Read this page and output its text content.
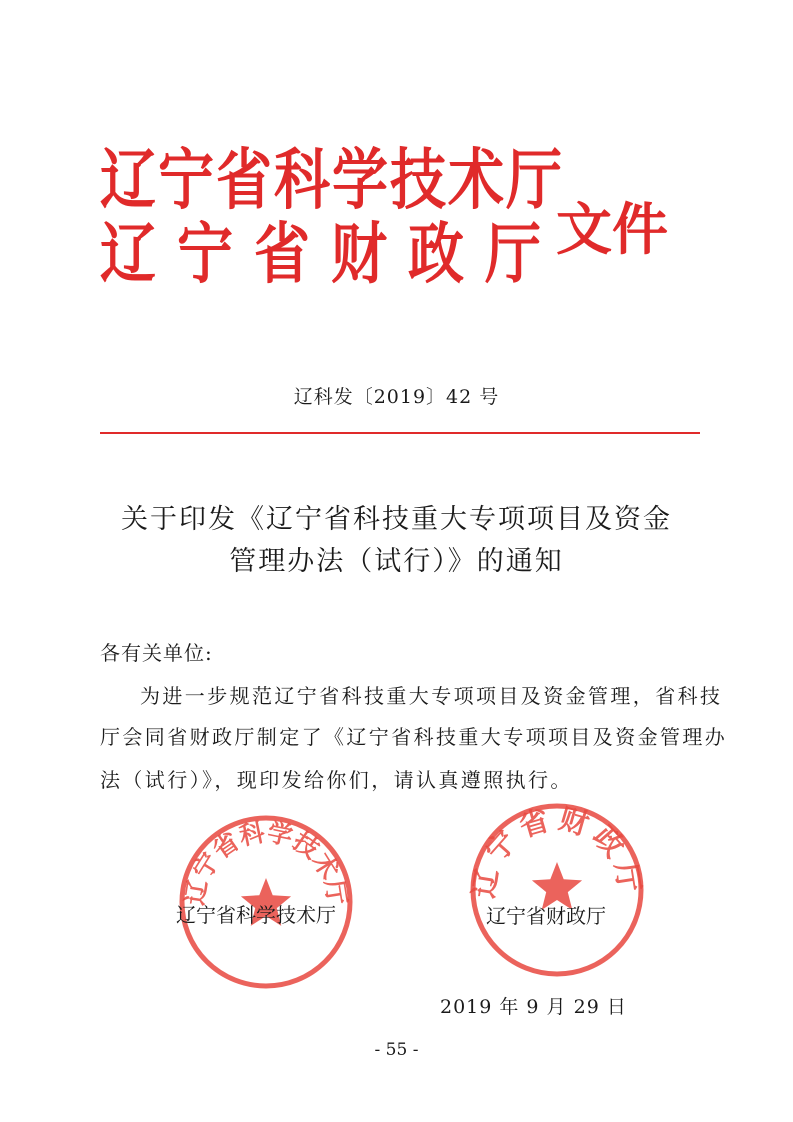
辽宁省科学技术厅
辽宁省财政厅
文件
辽科发〔2019〕42 号
关于印发《辽宁省科技重大专项项目及资金
管理办法（试行）》的通知
各有关单位:
为进一步规范辽宁省科技重大专项项目及资金管理，省科技
厅会同省财政厅制定了《辽宁省科技重大专项项目及资金管理办
法（试行）》，现印发给你们，请认真遵照执行。
辽宁省科学技术厅	辽宁省财政厅
辽宁省科学技术厅	辽宁省财政厅
2019 年 9 月 29 日
- 55 -
